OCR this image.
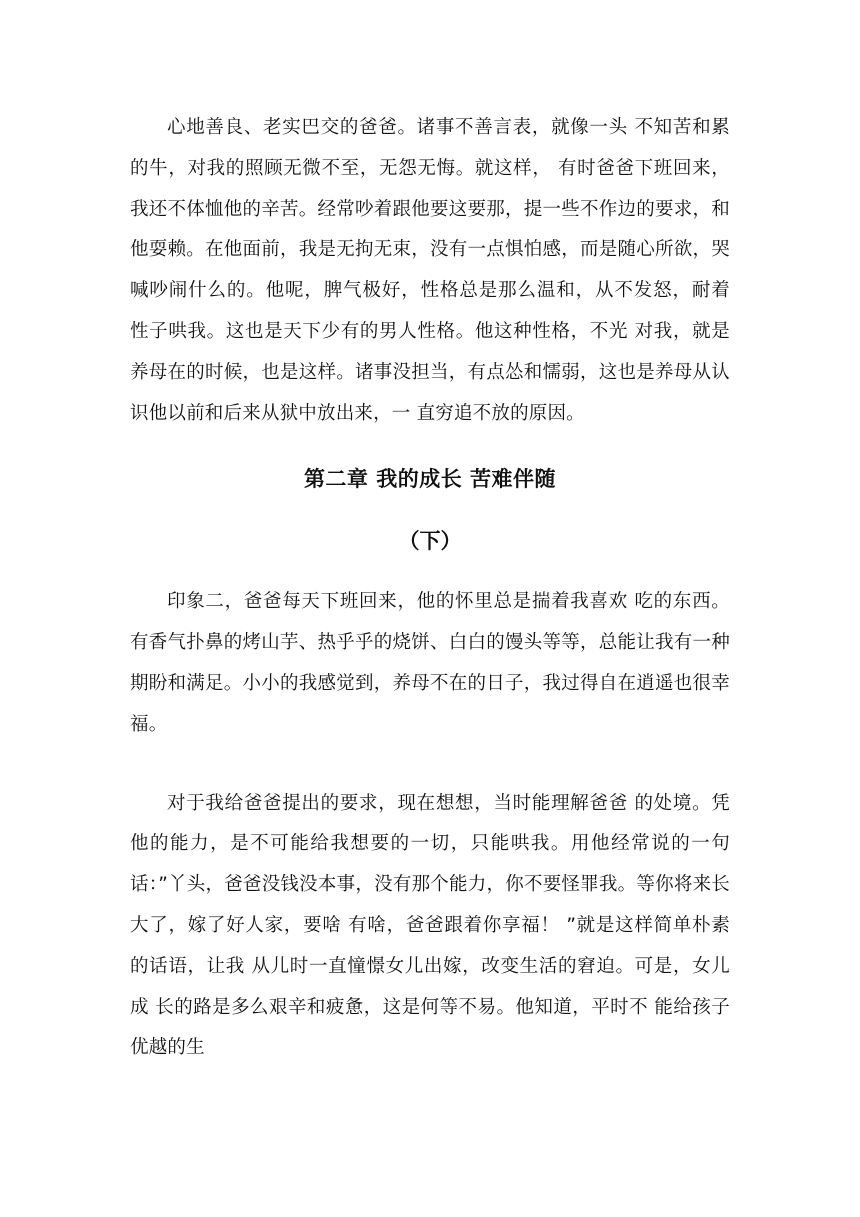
心地善良、老实巴交的爸爸。诸事不善言表，就像一头 不知苦和累的牛，对我的照顾无微不至，无怨无悔。就这样， 有时爸爸下班回来，我还不体恤他的辛苦。经常吵着跟他要这要那，提一些不作边的要求，和他耍赖。在他面前，我是无拘无束，没有一点惧怕感，而是随心所欲，哭喊吵闹什么的。他呢，脾气极好，性格总是那么温和，从不发怒，耐着 性子哄我。这也是天下少有的男人性格。他这种性格，不光 对我，就是养母在的时候，也是这样。诸事没担当，有点怂和懦弱，这也是养母从认识他以前和后来从狱中放出来，一 直穷追不放的原因。

第二章 我的成长 苦难伴随
（下）

印象二，爸爸每天下班回来，他的怀里总是揣着我喜欢 吃的东西。有香气扑鼻的烤山芋、热乎乎的烧饼、白白的馒头等等，总能让我有一种期盼和满足。小小的我感觉到，养母不在的日子，我过得自在逍遥也很幸福。

对于我给爸爸提出的要求，现在想想，当时能理解爸爸 的处境。凭他的能力，是不可能给我想要的一切，只能哄我。用他经常说的一句话：”丫头，爸爸没钱没本事，没有那个能力，你不要怪罪我。等你将来长大了，嫁了好人家，要啥 有啥，爸爸跟着你享福！ ”就是这样简单朴素的话语，让我 从儿时一直憧憬女儿出嫁，改变生活的窘迫。可是，女儿成 长的路是多么艰辛和疲惫，这是何等不易。他知道，平时不 能给孩子优越的生
